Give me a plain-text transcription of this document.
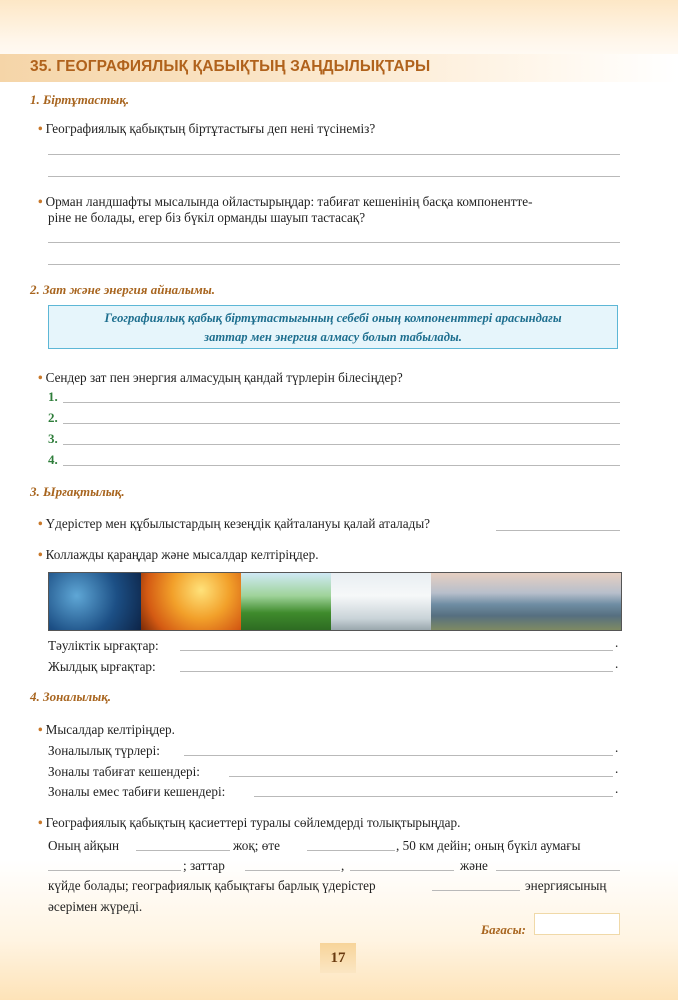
35. ГЕОГРАФИЯЛЫҚ ҚАБЫҚТЫҢ ЗАҢДЫЛЫҚТАРЫ
1. Біртұтастық.
• Географиялық қабықтың біртұтастығы деп нені түсінеміз?
• Орман ландшафты мысалында ойластырыңдар: табиғат кешенінің басқа компонентте-
ріне не болады, егер біз бүкіл орманды шауып тастасақ?
2. Зат және энергия айналымы.
Географиялық қабық біртұтастығының себебі оның компоненттері арасындағы
заттар мен энергия алмасу болып табылады.
• Сендер зат пен энергия алмасудың қандай түрлерін білесіңдер?
1.
2.
3.
4.
3. Ырғақтылық.
• Үдерістер мен құбылыстардың кезеңдік қайталануы қалай аталады?
• Коллажды қараңдар және мысалдар келтіріңдер.
Тәуліктік ырғақтар:	.
Жылдық ырғақтар:	.
4. Зоналылық.
• Мысалдар келтіріңдер.
Зоналылық түрлері:	.
Зоналы табиғат кешендері:	.
Зоналы емес табиғи кешендері:	.
• Географиялық қабықтың қасиеттері туралы сөйлемдерді толықтырыңдар.
Оның айқын	жоқ; өте	, 50 км дейін; оның бүкіл аумағы
; заттар	,	және
күйде болады; географиялық қабықтағы барлық үдерістер	энергиясының
әсерімен жүреді.
Бағасы:
17
